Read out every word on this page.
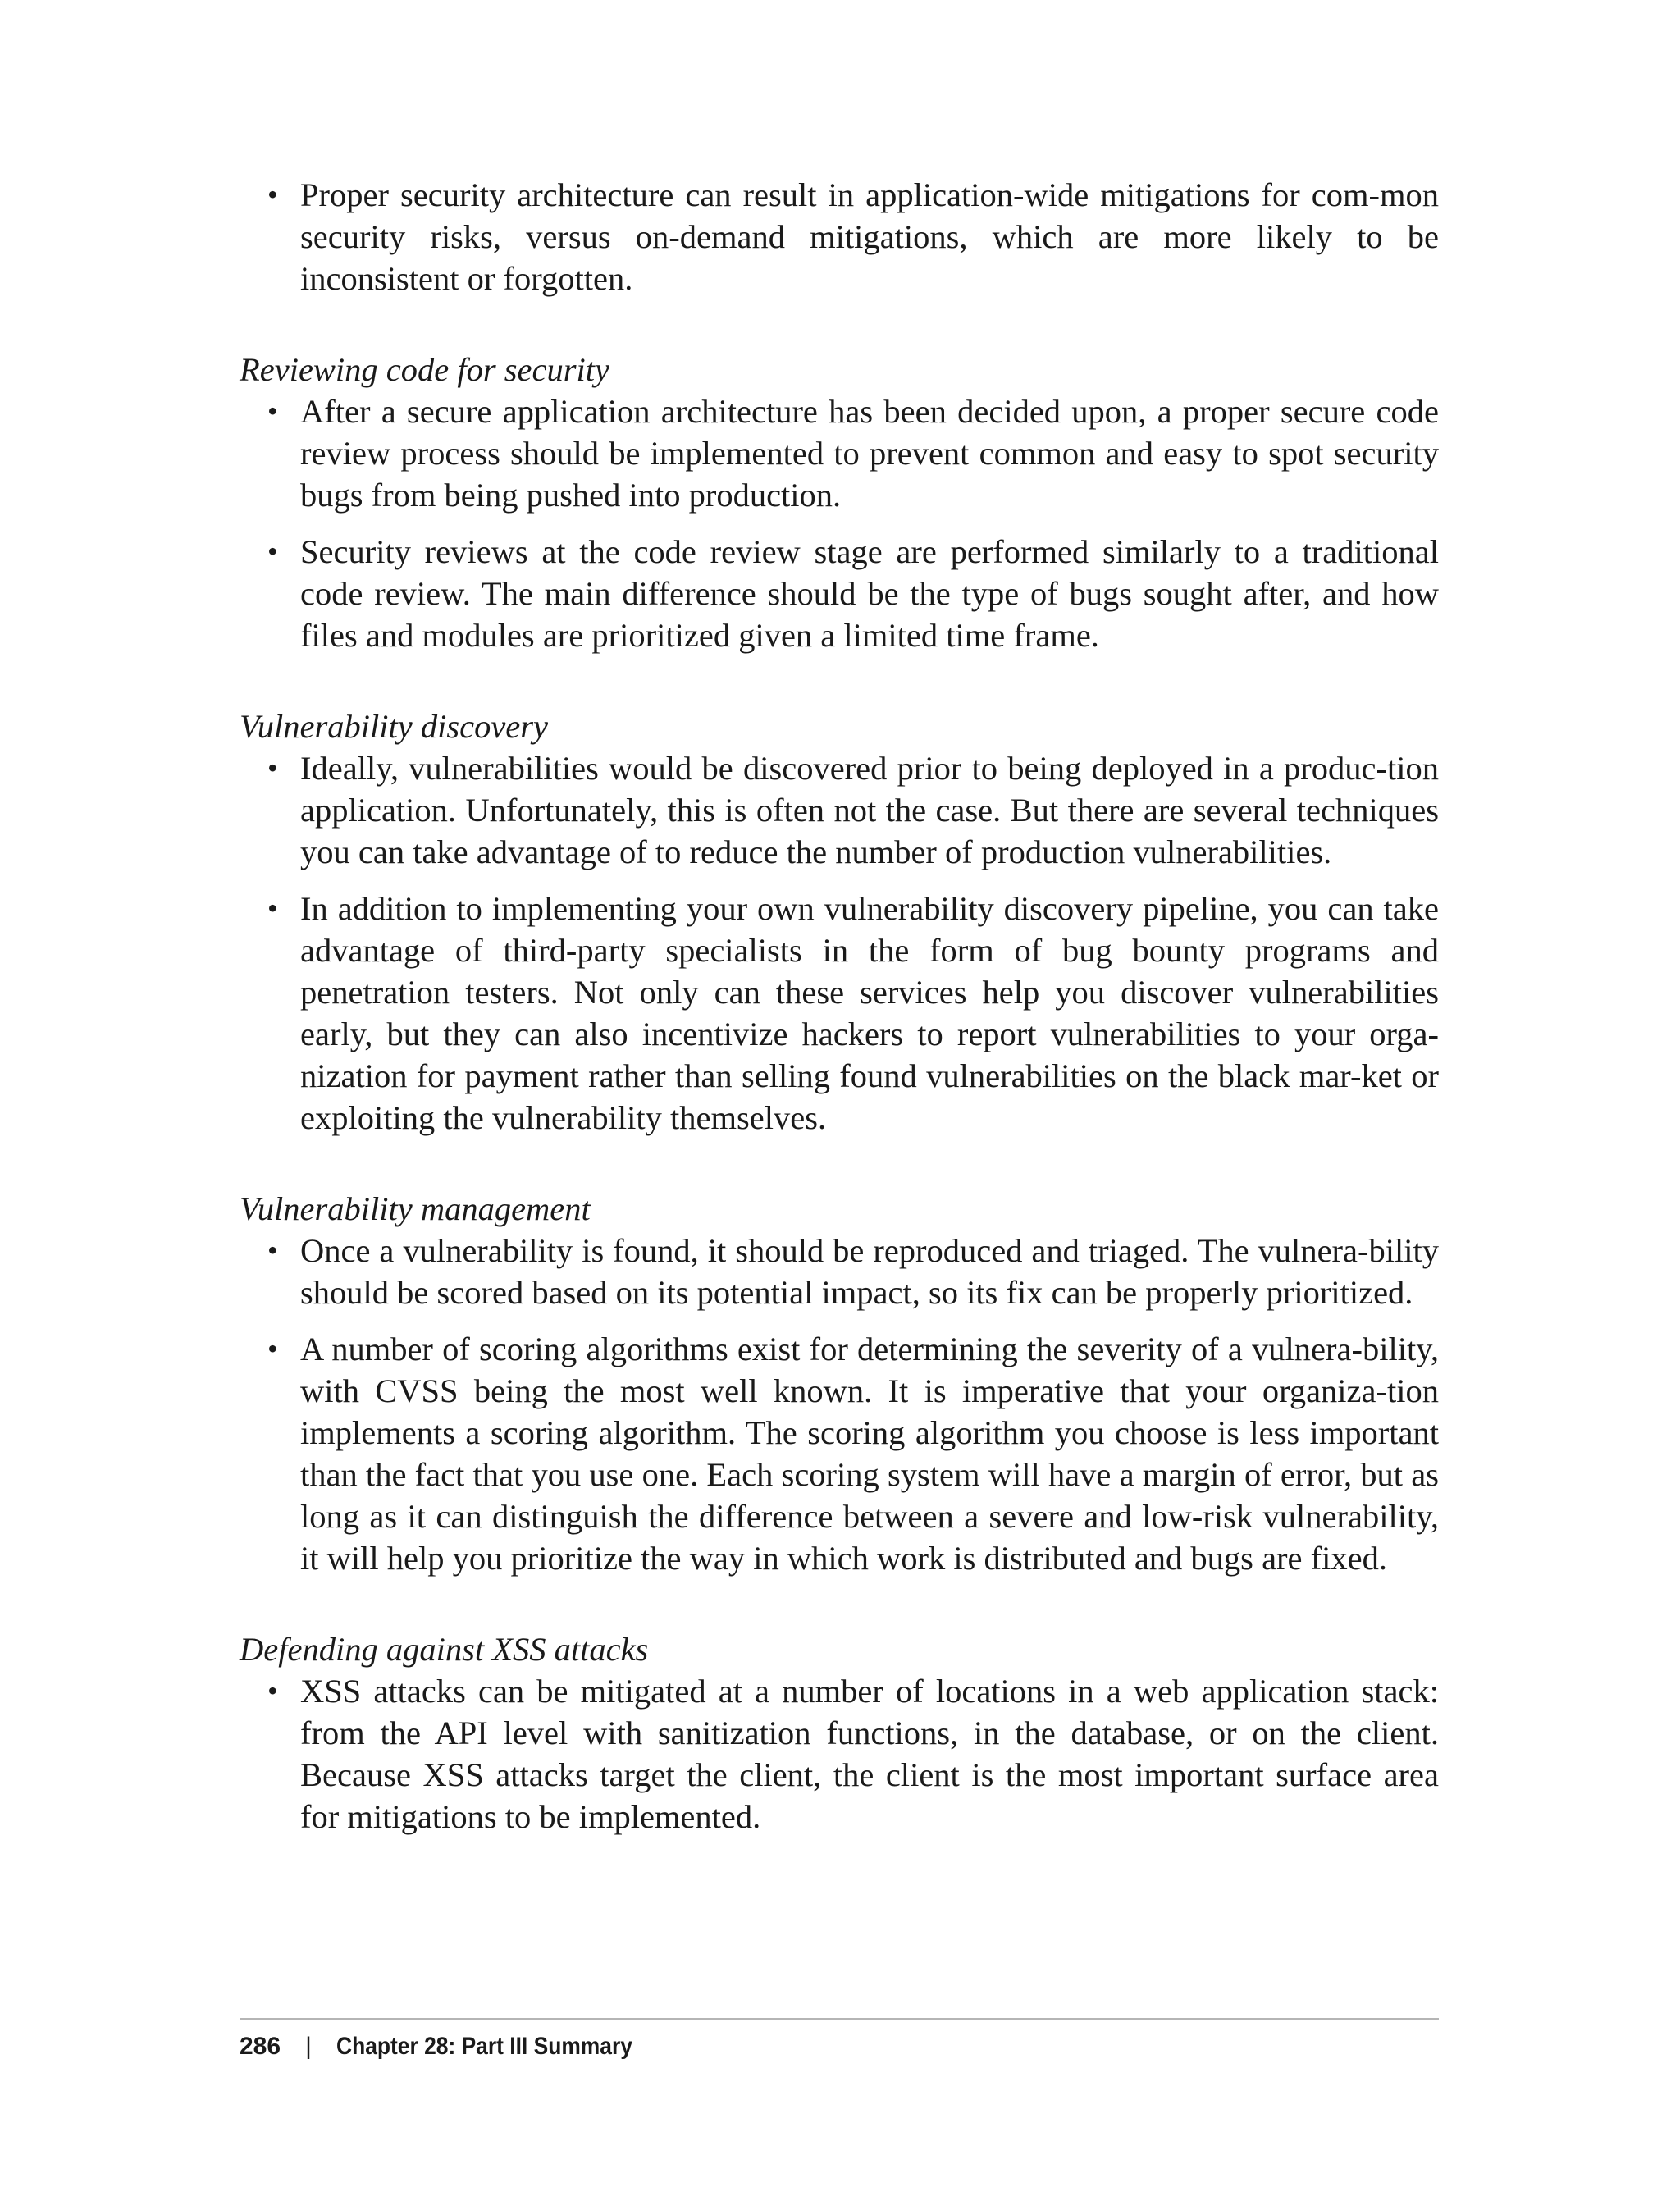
• Proper security architecture can result in application-wide mitigations for com-mon security risks, versus on-demand mitigations, which are more likely to be inconsistent or forgotten.
Reviewing code for security
• After a secure application architecture has been decided upon, a proper secure code review process should be implemented to prevent common and easy to spot security bugs from being pushed into production.
• Security reviews at the code review stage are performed similarly to a traditional code review. The main difference should be the type of bugs sought after, and how files and modules are prioritized given a limited time frame.
Vulnerability discovery
• Ideally, vulnerabilities would be discovered prior to being deployed in a produc-tion application. Unfortunately, this is often not the case. But there are several techniques you can take advantage of to reduce the number of production vulnerabilities.
• In addition to implementing your own vulnerability discovery pipeline, you can take advantage of third-party specialists in the form of bug bounty programs and penetration testers. Not only can these services help you discover vulnerabilities early, but they can also incentivize hackers to report vulnerabilities to your orga-nization for payment rather than selling found vulnerabilities on the black mar-ket or exploiting the vulnerability themselves.
Vulnerability management
• Once a vulnerability is found, it should be reproduced and triaged. The vulnera-bility should be scored based on its potential impact, so its fix can be properly prioritized.
• A number of scoring algorithms exist for determining the severity of a vulnera-bility, with CVSS being the most well known. It is imperative that your organiza-tion implements a scoring algorithm. The scoring algorithm you choose is less important than the fact that you use one. Each scoring system will have a margin of error, but as long as it can distinguish the difference between a severe and low-risk vulnerability, it will help you prioritize the way in which work is distributed and bugs are fixed.
Defending against XSS attacks
• XSS attacks can be mitigated at a number of locations in a web application stack: from the API level with sanitization functions, in the database, or on the client. Because XSS attacks target the client, the client is the most important surface area for mitigations to be implemented.
286 | Chapter 28: Part III Summary
